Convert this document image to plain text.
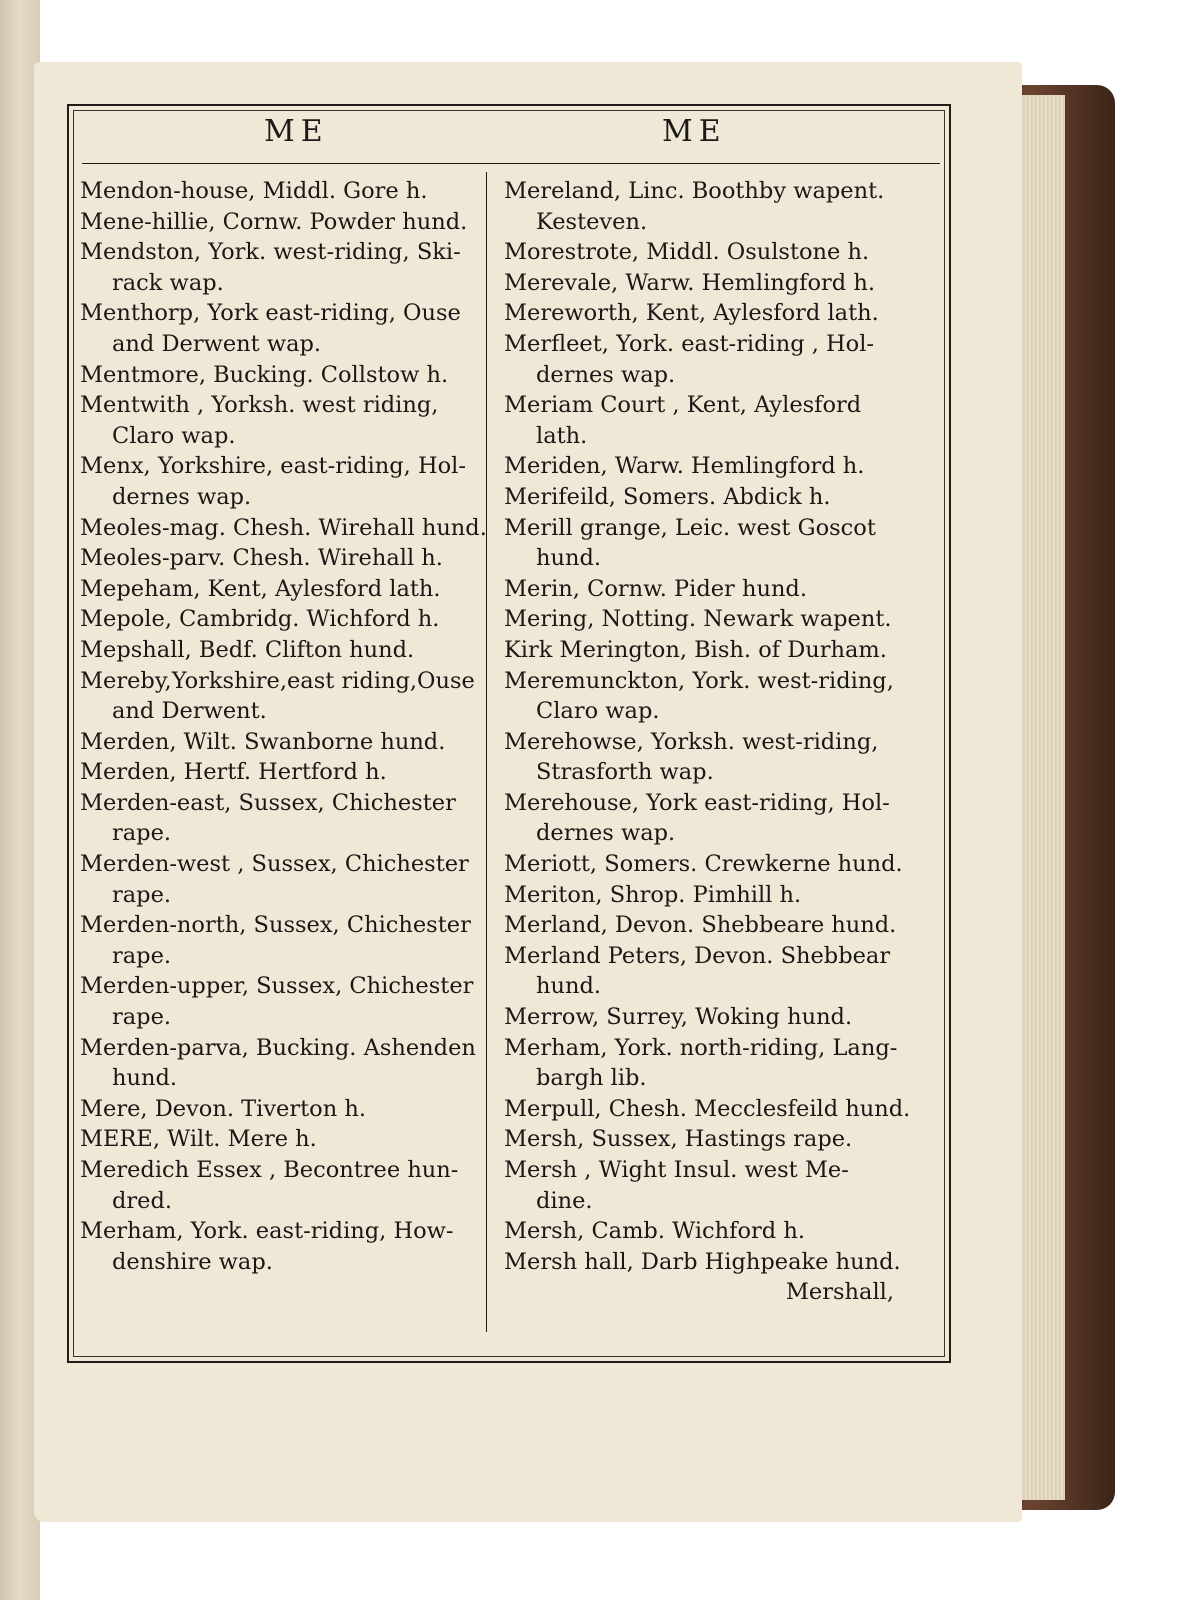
ME	ME
Mendon-house, Middl. Gore h.
Mene-hillie, Cornw. Powder hund.
Mendston, York. west-riding, Ski-
rack wap.
Menthorp, York east-riding, Ouse
and Derwent wap.
Mentmore, Bucking. Collstow h.
Mentwith , Yorksh. west riding,
Claro wap.
Menx, Yorkshire, east-riding, Hol-
dernes wap.
Meoles-mag. Chesh. Wirehall hund.
Meoles-parv. Chesh. Wirehall h.
Mepeham, Kent, Aylesford lath.
Mepole, Cambridg. Wichford h.
Mepshall, Bedf. Clifton hund.
Mereby,Yorkshire,east riding,Ouse
and Derwent.
Merden, Wilt. Swanborne hund.
Merden, Hertf. Hertford h.
Merden-east, Sussex, Chichester
rape.
Merden-west , Sussex, Chichester
rape.
Merden-north, Sussex, Chichester
rape.
Merden-upper, Sussex, Chichester
rape.
Merden-parva, Bucking. Ashenden
hund.
Mere, Devon. Tiverton h.
MERE, Wilt. Mere h.
Meredich Essex , Becontree hun-
dred.
Merham, York. east-riding, How-
denshire wap.
Mereland, Linc. Boothby wapent.
Kesteven.
Morestrote, Middl. Osulstone h.
Merevale, Warw. Hemlingford h.
Mereworth, Kent, Aylesford lath.
Merfleet, York. east-riding , Hol-
dernes wap.
Meriam Court , Kent, Aylesford
lath.
Meriden, Warw. Hemlingford h.
Merifeild, Somers. Abdick h.
Merill grange, Leic. west Goscot
hund.
Merin, Cornw. Pider hund.
Mering, Notting. Newark wapent.
Kirk Merington, Bish. of Durham.
Meremunckton, York. west-riding,
Claro wap.
Merehowse, Yorksh. west-riding,
Strasforth wap.
Merehouse, York east-riding, Hol-
dernes wap.
Meriott, Somers. Crewkerne hund.
Meriton, Shrop. Pimhill h.
Merland, Devon. Shebbeare hund.
Merland Peters, Devon. Shebbear
hund.
Merrow, Surrey, Woking hund.
Merham, York. north-riding, Lang-
bargh lib.
Merpull, Chesh. Mecclesfeild hund.
Mersh, Sussex, Hastings rape.
Mersh , Wight Insul. west Me-
dine.
Mersh, Camb. Wichford h.
Mersh hall, Darb Highpeake hund.
Mershall,
